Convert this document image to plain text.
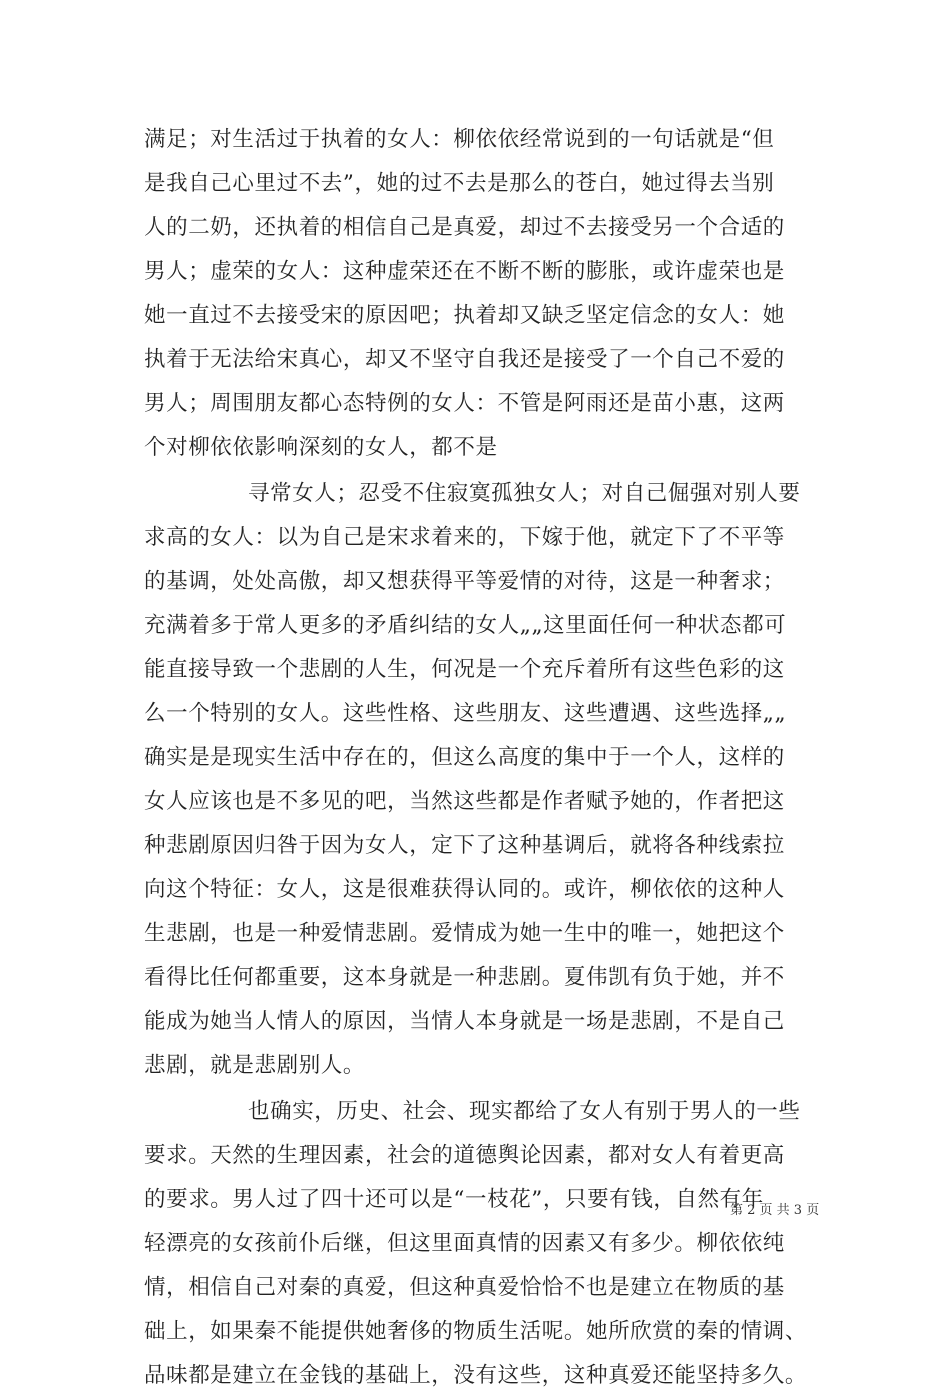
满足；对生活过于执着的女人：柳依依经常说到的一句话就是“但
是我自己心里过不去”，她的过不去是那么的苍白，她过得去当别
人的二奶，还执着的相信自己是真爱，却过不去接受另一个合适的
男人；虚荣的女人：这种虚荣还在不断不断的膨胀，或许虚荣也是
她一直过不去接受宋的原因吧；执着却又缺乏坚定信念的女人：她
执着于无法给宋真心，却又不坚守自我还是接受了一个自己不爱的
男人；周围朋友都心态特例的女人：不管是阿雨还是苗小惠，这两
个对柳依依影响深刻的女人，都不是
寻常女人；忍受不住寂寞孤独女人；对自己倔强对别人要
求高的女人：以为自己是宋求着来的，下嫁于他，就定下了不平等
的基调，处处高傲，却又想获得平等爱情的对待，这是一种奢求；
充满着多于常人更多的矛盾纠结的女人„„这里面任何一种状态都可
能直接导致一个悲剧的人生，何况是一个充斥着所有这些色彩的这
么一个特别的女人。这些性格、这些朋友、这些遭遇、这些选择„„
确实是是现实生活中存在的，但这么高度的集中于一个人，这样的
女人应该也是不多见的吧，当然这些都是作者赋予她的，作者把这
种悲剧原因归咎于因为女人，定下了这种基调后，就将各种线索拉
向这个特征：女人，这是很难获得认同的。或许，柳依依的这种人
生悲剧，也是一种爱情悲剧。爱情成为她一生中的唯一，她把这个
看得比任何都重要，这本身就是一种悲剧。夏伟凯有负于她，并不
能成为她当人情人的原因，当情人本身就是一场是悲剧，不是自己
悲剧，就是悲剧别人。
也确实，历史、社会、现实都给了女人有别于男人的一些
要求。天然的生理因素，社会的道德舆论因素，都对女人有着更高
的要求。男人过了四十还可以是“一枝花”，只要有钱，自然有年
轻漂亮的女孩前仆后继，但这里面真情的因素又有多少。柳依依纯
情，相信自己对秦的真爱，但这种真爱恰恰不也是建立在物质的基
础上，如果秦不能提供她奢侈的物质生活呢。她所欣赏的秦的情调、
品味都是建立在金钱的基础上，没有这些，这种真爱还能坚持多久。
第 2 页 共 3 页
